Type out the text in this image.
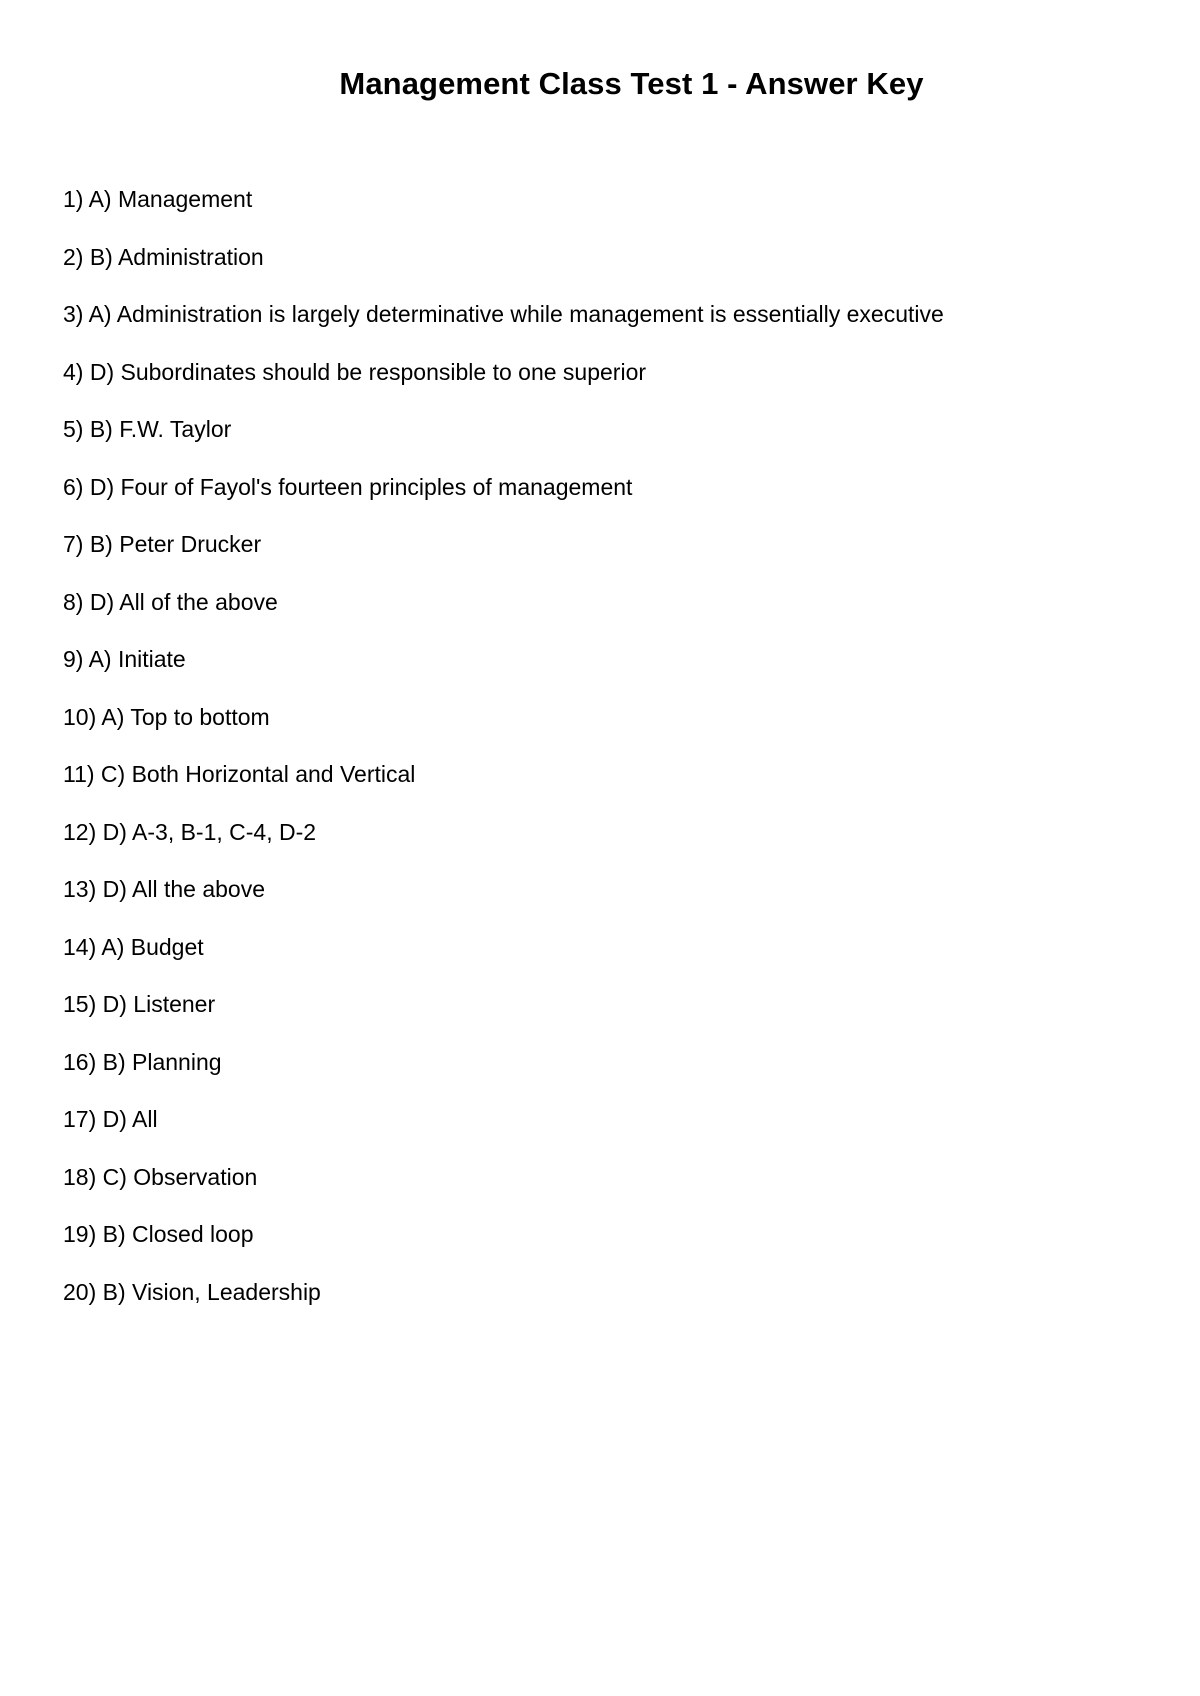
Management Class Test 1 - Answer Key
1) A) Management
2) B) Administration
3) A) Administration is largely determinative while management is essentially executive
4) D) Subordinates should be responsible to one superior
5) B) F.W. Taylor
6) D) Four of Fayol's fourteen principles of management
7) B) Peter Drucker
8) D) All of the above
9) A) Initiate
10) A) Top to bottom
11) C) Both Horizontal and Vertical
12) D) A-3, B-1, C-4, D-2
13) D) All the above
14) A) Budget
15) D) Listener
16) B) Planning
17) D) All
18) C) Observation
19) B) Closed loop
20) B) Vision, Leadership
